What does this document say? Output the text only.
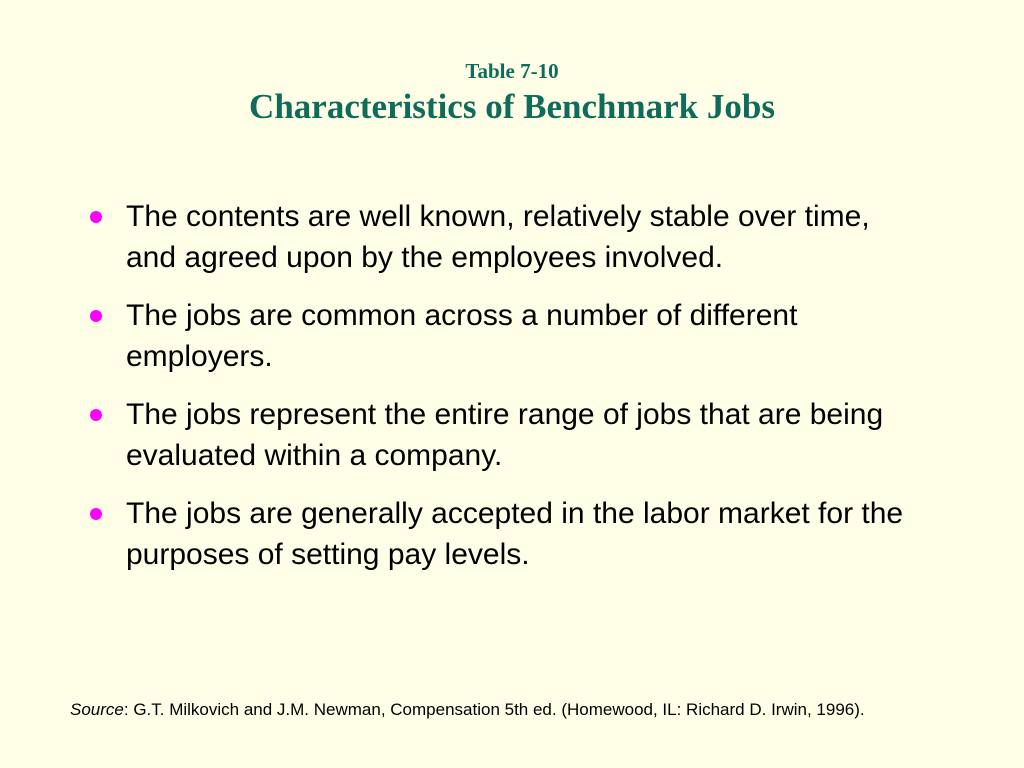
Table 7-10
Characteristics of Benchmark Jobs
The contents are well known, relatively stable over time, and agreed upon by the employees involved.
The jobs are common across a number of different employers.
The jobs represent the entire range of jobs that are being evaluated within a company.
The jobs are generally accepted in the labor market for the purposes of setting pay levels.
Source: G.T. Milkovich and J.M. Newman, Compensation 5th ed. (Homewood, IL: Richard D. Irwin, 1996).
